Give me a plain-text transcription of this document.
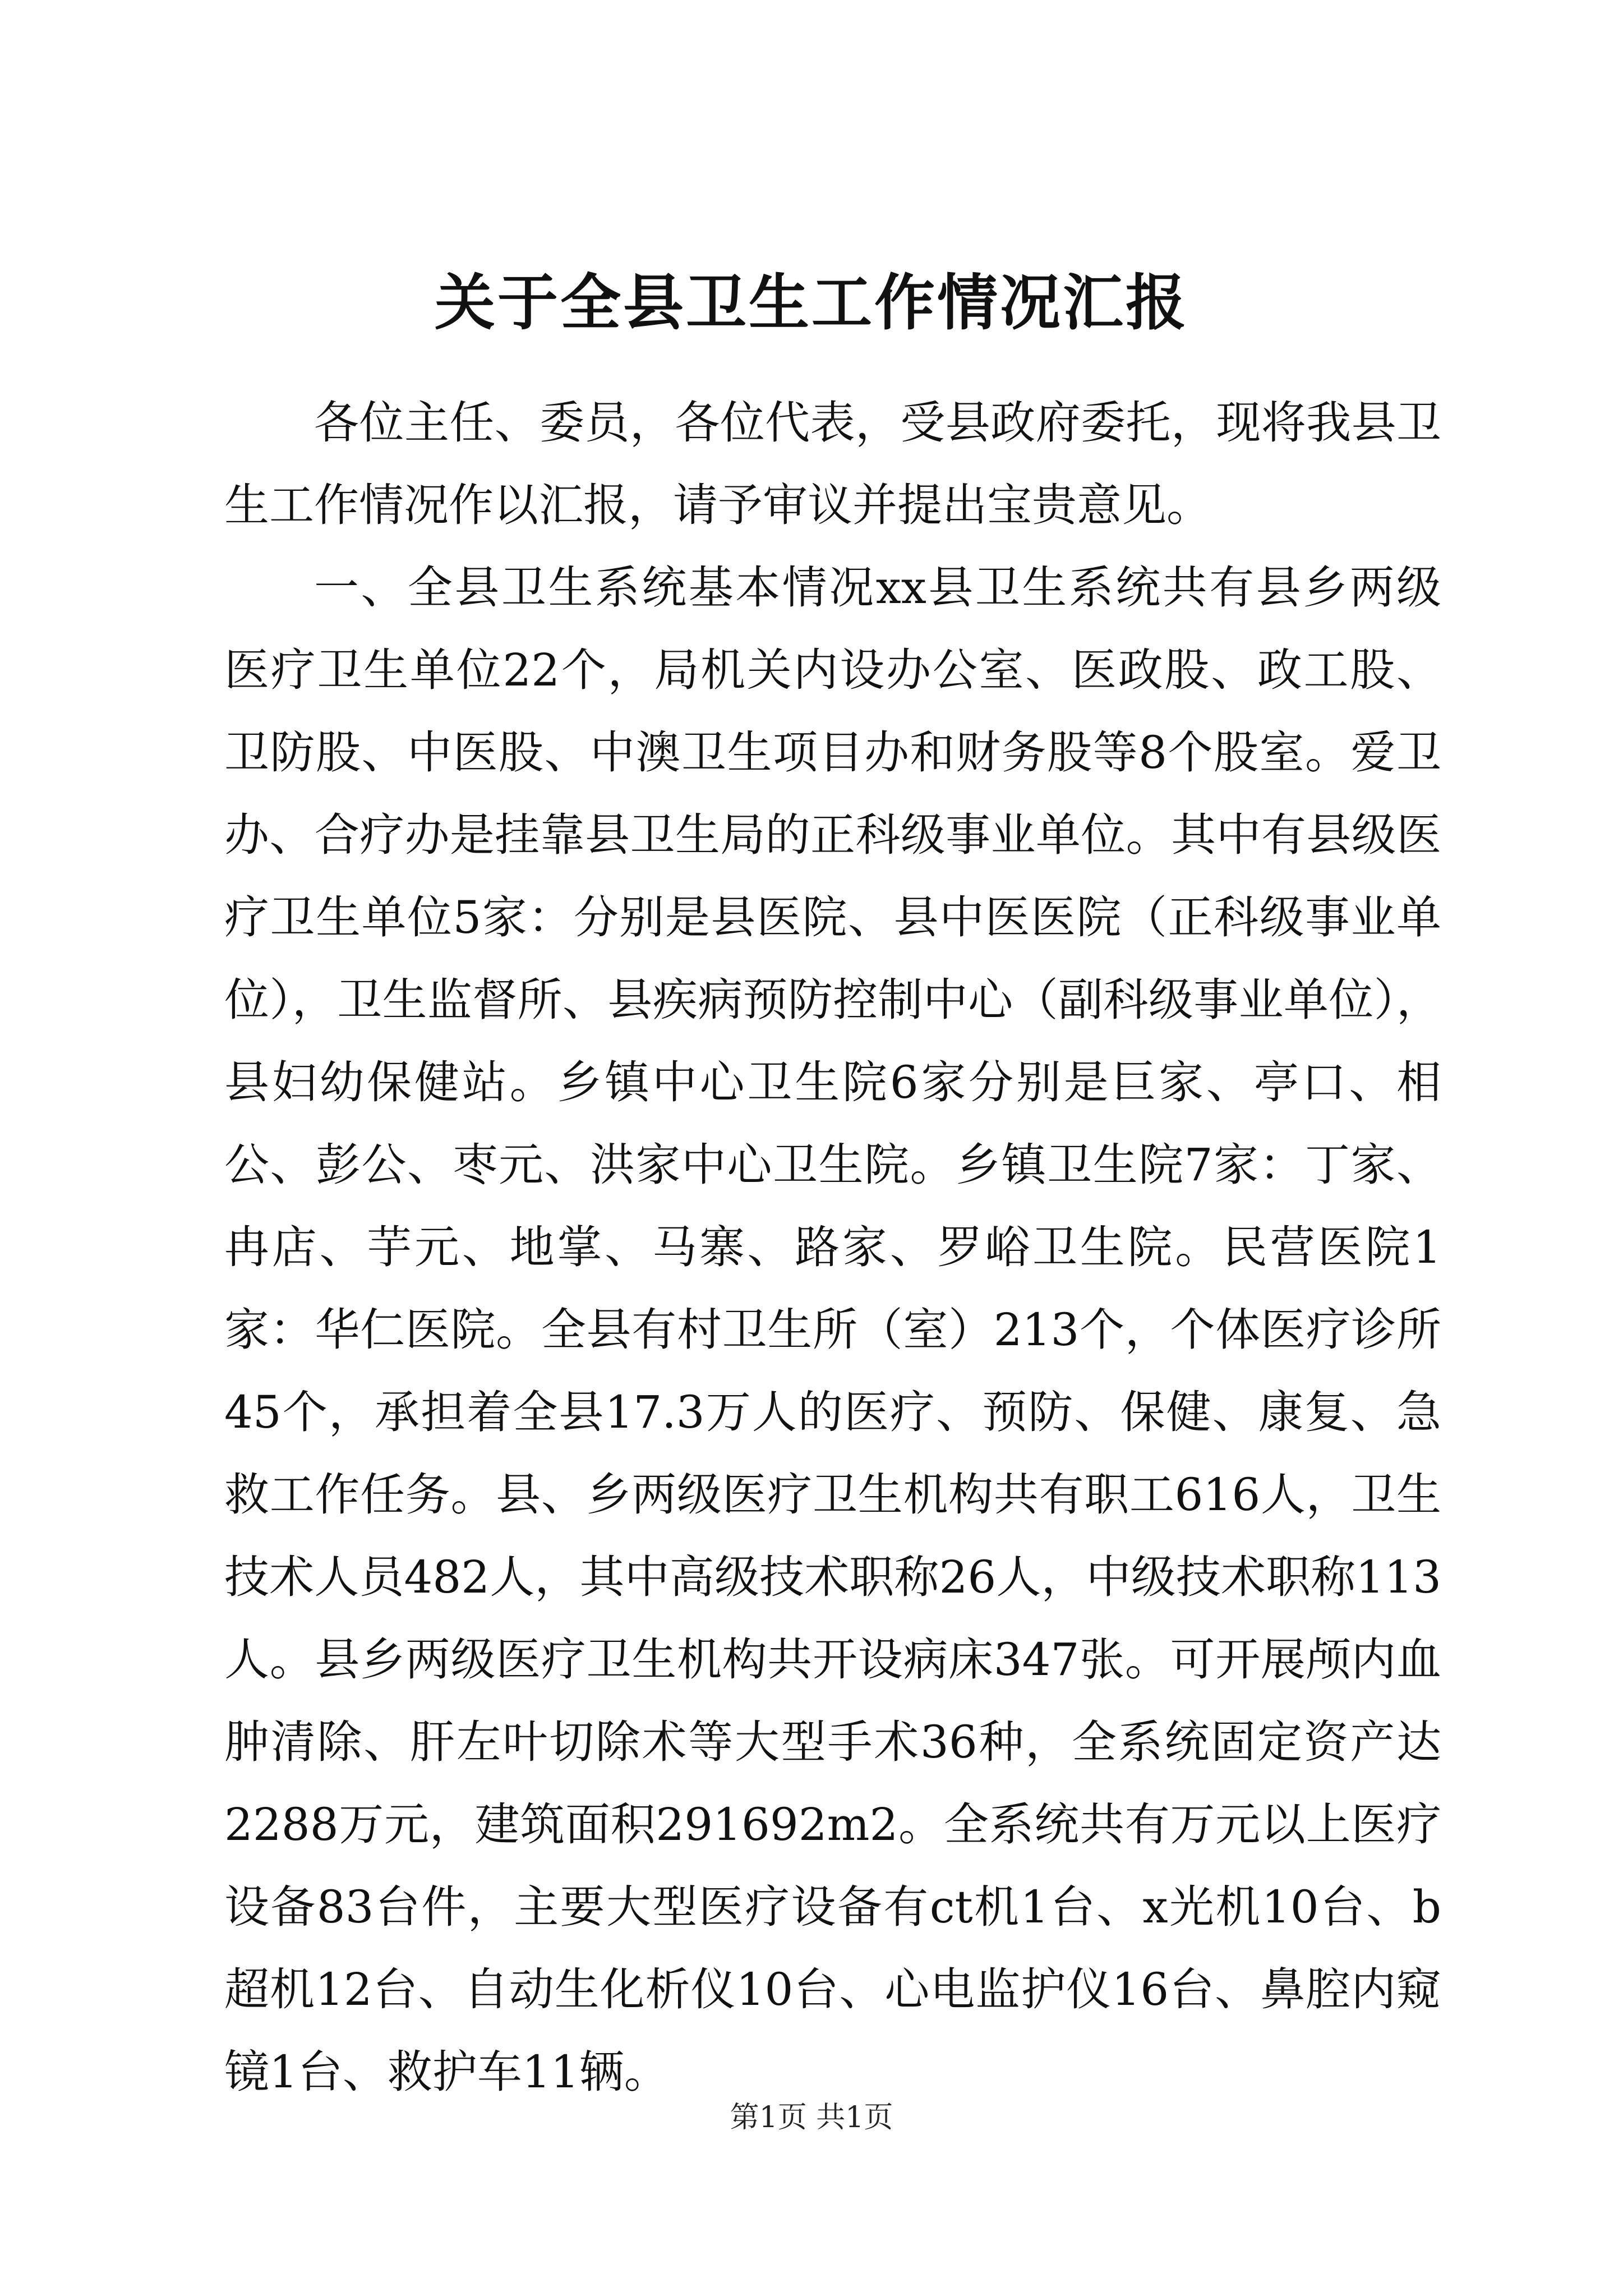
关于全县卫生工作情况汇报

各位主任、委员，各位代表，受县政府委托，现将我县卫生工作情况作以汇报，请予审议并提出宝贵意见。

一、全县卫生系统基本情况xx县卫生系统共有县乡两级医疗卫生单位22个，局机关内设办公室、医政股、政工股、卫防股、中医股、中澳卫生项目办和财务股等8个股室。爱卫办、合疗办是挂靠县卫生局的正科级事业单位。其中有县级医疗卫生单位5家：分别是县医院、县中医医院（正科级事业单位），卫生监督所、县疾病预防控制中心（副科级事业单位），县妇幼保健站。乡镇中心卫生院6家分别是巨家、亭口、相公、彭公、枣元、洪家中心卫生院。乡镇卫生院7家：丁家、冉店、芋元、地掌、马寨、路家、罗峪卫生院。民营医院1家：华仁医院。全县有村卫生所（室）213个，个体医疗诊所45个，承担着全县17.3万人的医疗、预防、保健、康复、急救工作任务。县、乡两级医疗卫生机构共有职工616人，卫生技术人员482人，其中高级技术职称26人，中级技术职称113人。县乡两级医疗卫生机构共开设病床347张。可开展颅内血肿清除、肝左叶切除术等大型手术36种，全系统固定资产达2288万元，建筑面积291692m2。全系统共有万元以上医疗设备83台件，主要大型医疗设备有ct机1台、x光机10台、b超机12台、自动生化析仪10台、心电监护仪16台、鼻腔内窥镜1台、救护车11辆。

第1页 共1页
